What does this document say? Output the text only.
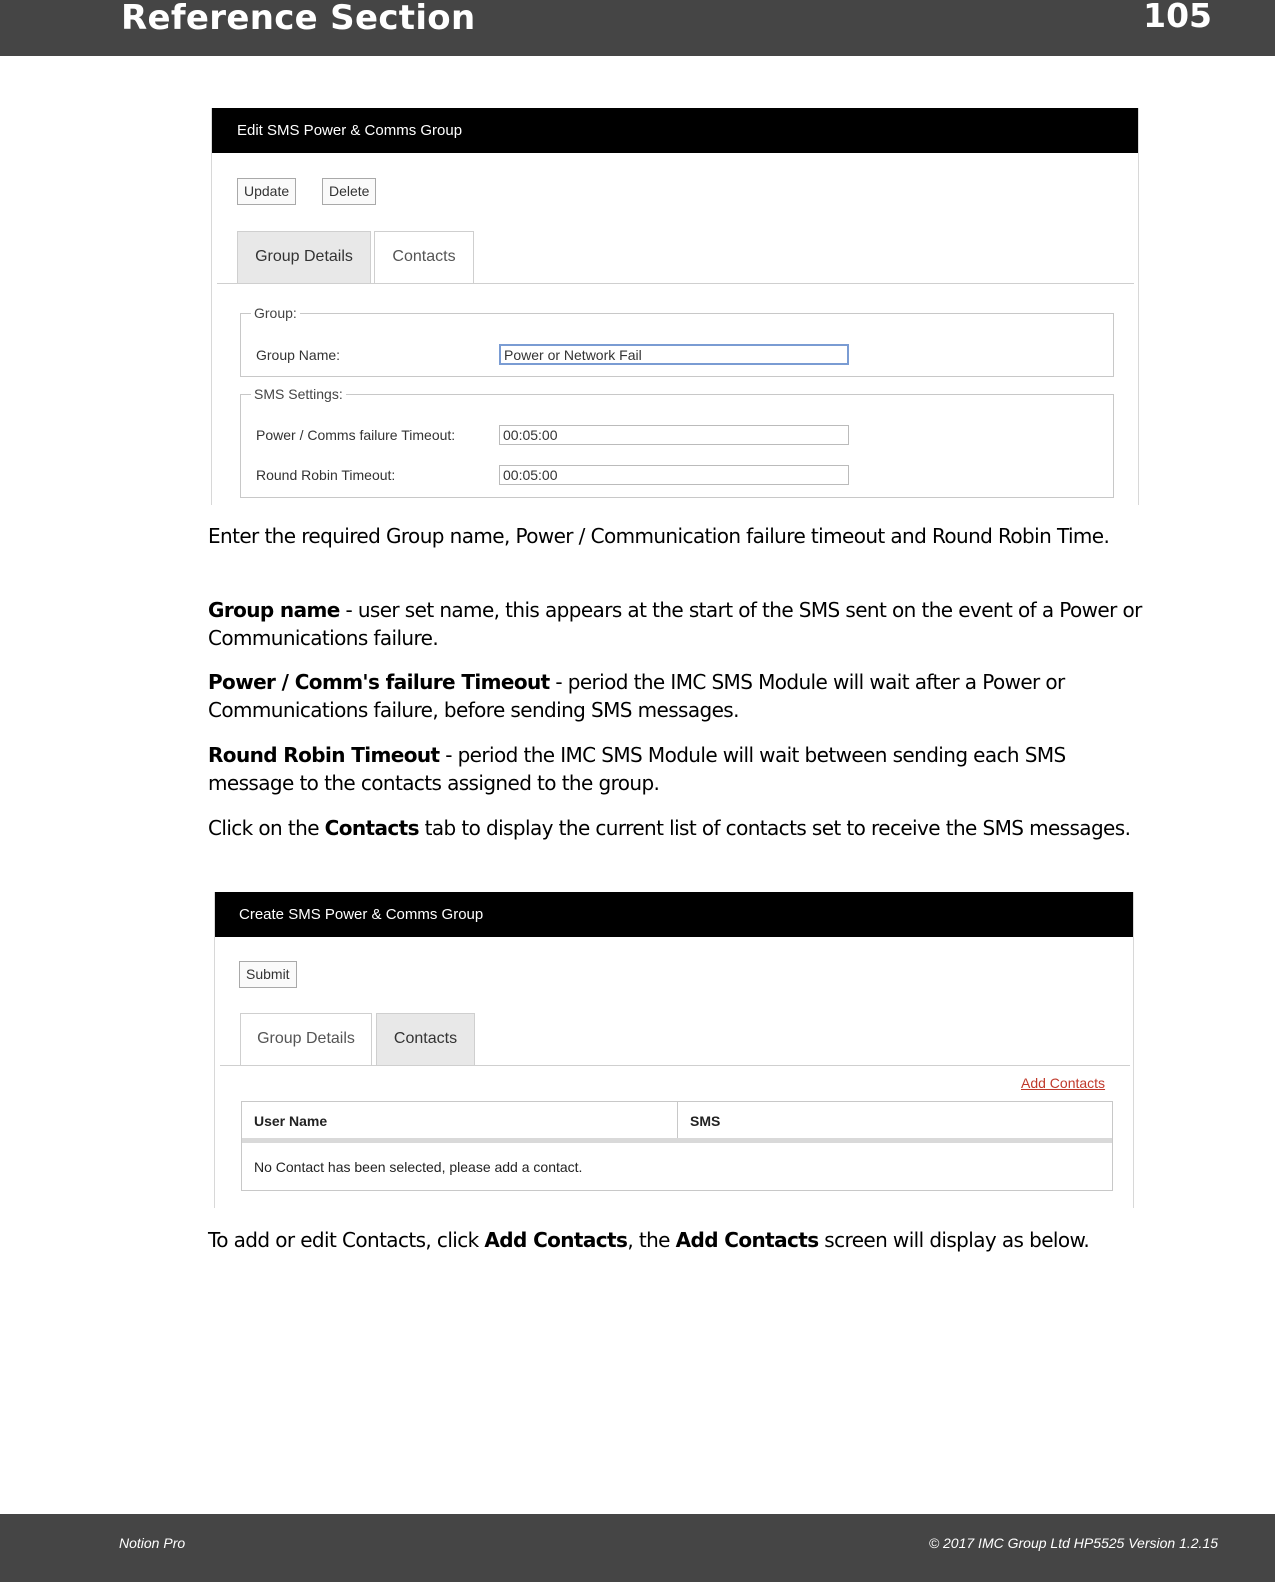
Reference Section	105
Edit SMS Power & Comms Group
Update	Delete
Group Details	Contacts
Group:
Group Name:	Power or Network Fail
SMS Settings:
Power / Comms failure Timeout:	00:05:00
Round Robin Timeout:	00:05:00
Enter the required Group name, Power / Communication failure timeout and Round Robin Time.
Group name - user set name, this appears at the start of the SMS sent on the event of a Power or Communications failure.
Power / Comm's failure Timeout - period the IMC SMS Module will wait after a Power or Communications failure, before sending SMS messages.
Round Robin Timeout - period the IMC SMS Module will wait between sending each SMS message to the contacts assigned to the group.
Click on the Contacts tab to display the current list of contacts set to receive the SMS messages.
Create SMS Power & Comms Group
Submit
Group Details	Contacts
Add Contacts
User Name	SMS
No Contact has been selected, please add a contact.
To add or edit Contacts, click Add Contacts, the Add Contacts screen will display as below.
Notion Pro	© 2017 IMC Group Ltd HP5525 Version 1.2.15
